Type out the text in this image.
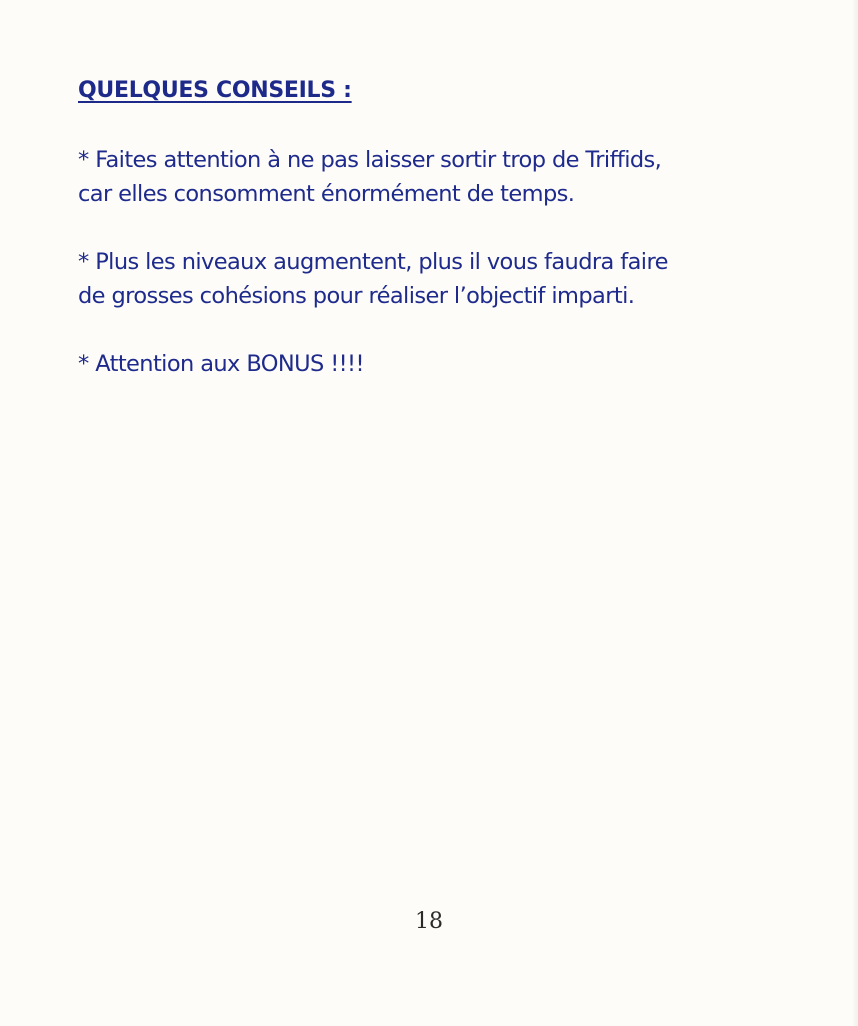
QUELQUES CONSEILS :
* Faites attention à ne pas laisser sortir trop de Triffids,
car elles consomment énormément de temps.
* Plus les niveaux augmentent, plus il vous faudra faire
de grosses cohésions pour réaliser l’objectif imparti.
* Attention aux BONUS !!!!

18
